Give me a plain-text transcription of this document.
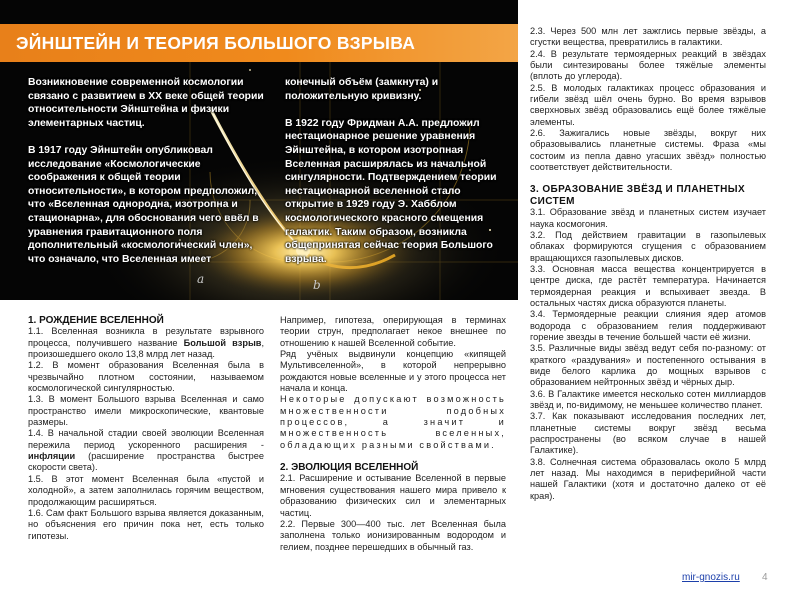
ЭЙНШТЕЙН И ТЕОРИЯ БОЛЬШОГО ВЗРЫВА

Возникновение современной космологии связано с развитием в ХХ веке общей теории относительности Эйнштейна и физики элементарных частиц.

В 1917 году Эйнштейн опубликовал исследование «Космологические соображения к общей теории относительности», в котором предположил, что «Вселенная однородна, изотропна и стационарна», для обоснования чего ввёл в уравнения гравитационного поля дополнительный «космологический член», что означало, что Вселенная имеет

конечный объём (замкнута) и положительную кривизну.

В 1922 году Фридман А.А. предложил нестационарное решение уравнения Эйнштейна, в котором изотропная Вселенная расширялась из начальной сингулярности. Подтверждением теории нестационарной вселенной стало открытие в 1929 году Э. Хабблом космологического красного смещения галактик. Таким образом, возникла общепринятая сейчас теория Большого взрыва.

a	b

1. РОЖДЕНИЕ ВСЕЛЕННОЙ

1.1. Вселенная возникла в результате взрывного процесса, получившего название Большой взрыв, произошедшего около 13,8 млрд лет назад.

1.2. В момент образования Вселенная была в чрезвычайно плотном состоянии, называемом космологической сингулярностью.

1.3. В момент Большого взрыва Вселенная и само пространство имели микроскопические, квантовые размеры.

1.4. В начальной стадии своей эволюции Вселенная пережила период ускоренного расширения - инфляции (расширение пространства быстрее скорости света).

1.5. В этот момент Вселенная была «пустой и холодной», а затем заполнилась горячим веществом, продолжающим расширяться.

1.6. Сам факт Большого взрыва является доказанным, но объяснения его причин пока нет, есть только гипотезы.

Например, гипотеза, оперирующая в терминах теории струн, предполагает некое внешнее по отношению к нашей Вселенной событие.

Ряд учёных выдвинули концепцию «кипящей Мультивселенной», в которой непрерывно рождаются новые вселенные и у этого процесса нет начала и конца.

Некоторые допускают возможность множественности подобных процессов, а значит и множественность вселенных, обладающих разными свойствами.

2. ЭВОЛЮЦИЯ ВСЕЛЕННОЙ

2.1. Расширение и остывание Вселенной в первые мгновения существования нашего мира привело к образованию физических сил и элементарных частиц.

2.2. Первые 300—400 тыс. лет Вселенная была заполнена только ионизированным водородом и гелием, позднее перешедших в обычный газ.

2.3. Через 500 млн лет зажглись первые звёзды, а сгустки вещества, превратились в галактики.

2.4. В результате термоядерных реакций в звёздах были синтезированы более тяжёлые элементы (вплоть до углерода).

2.5. В молодых галактиках процесс образования и гибели звёзд шёл очень бурно. Во время взрывов сверхновых звёзд образовались ещё более тяжёлые элементы.

2.6. Зажигались новые звёзды, вокруг них образовывались планетные системы. Фраза «мы состоим из пепла давно угасших звёзд» полностью соответствует действительности.

3. ОБРАЗОВАНИЕ ЗВЁЗД И ПЛАНЕТНЫХ СИСТЕМ

3.1. Образование звёзд и планетных систем изучает наука космогония.

3.2. Под действием гравитации в газопылевых облаках формируются сгущения с образованием вращающихся газопылевых дисков.

3.3. Основная масса вещества концентрируется в центре диска, где растёт температура. Начинается термоядерная реакция и вспыхивает звезда. В остальных частях диска образуются планеты.

3.4. Термоядерные реакции слияния ядер атомов водорода с образованием гелия поддерживают горение звезды в течение большей части её жизни.

3.5. Различные виды звёзд ведут себя по-разному: от краткого «раздувания» и постепенного остывания в виде белого карлика до мощных взрывов с образованием нейтронных звёзд и чёрных дыр.

3.6. В Галактике имеется несколько сотен миллиардов звёзд и, по-видимому, не меньшее количество планет.

3.7. Как показывают исследования последних лет, планетные системы вокруг звёзд весьма распространены (во всяком случае в нашей Галактике).

3.8. Солнечная система образовалась около 5 млрд лет назад. Мы находимся в периферийной части нашей Галактики (хотя и достаточно далеко от её края).

mir-gnozis.ru 4
